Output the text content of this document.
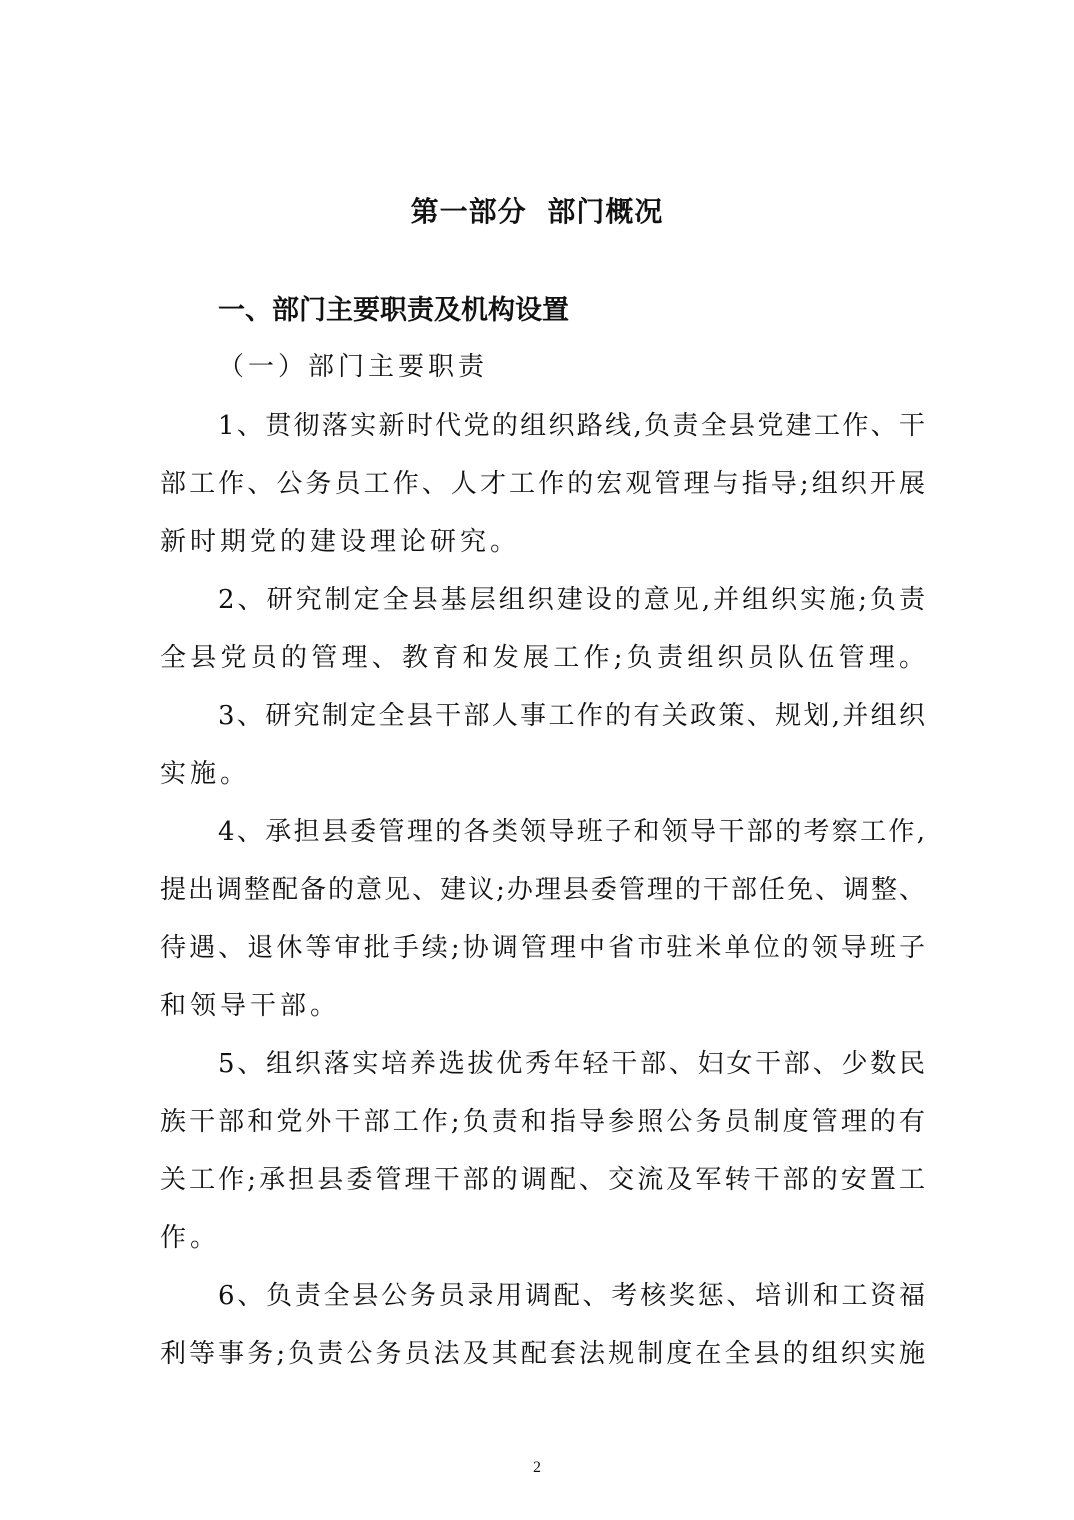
第一部分 部门概况
一、部门主要职责及机构设置
（一）部门主要职责
1、贯彻落实新时代党的组织路线,负责全县党建工作、干
部工作、公务员工作、人才工作的宏观管理与指导;组织开展
新时期党的建设理论研究。
2、研究制定全县基层组织建设的意见,并组织实施;负责
全县党员的管理、教育和发展工作;负责组织员队伍管理。
3、研究制定全县干部人事工作的有关政策、规划,并组织
实施。
4、承担县委管理的各类领导班子和领导干部的考察工作,
提出调整配备的意见、建议;办理县委管理的干部任免、调整、
待遇、退休等审批手续;协调管理中省市驻米单位的领导班子
和领导干部。
5、组织落实培养选拔优秀年轻干部、妇女干部、少数民
族干部和党外干部工作;负责和指导参照公务员制度管理的有
关工作;承担县委管理干部的调配、交流及军转干部的安置工
作。
6、负责全县公务员录用调配、考核奖惩、培训和工资福
利等事务;负责公务员法及其配套法规制度在全县的组织实施
2
